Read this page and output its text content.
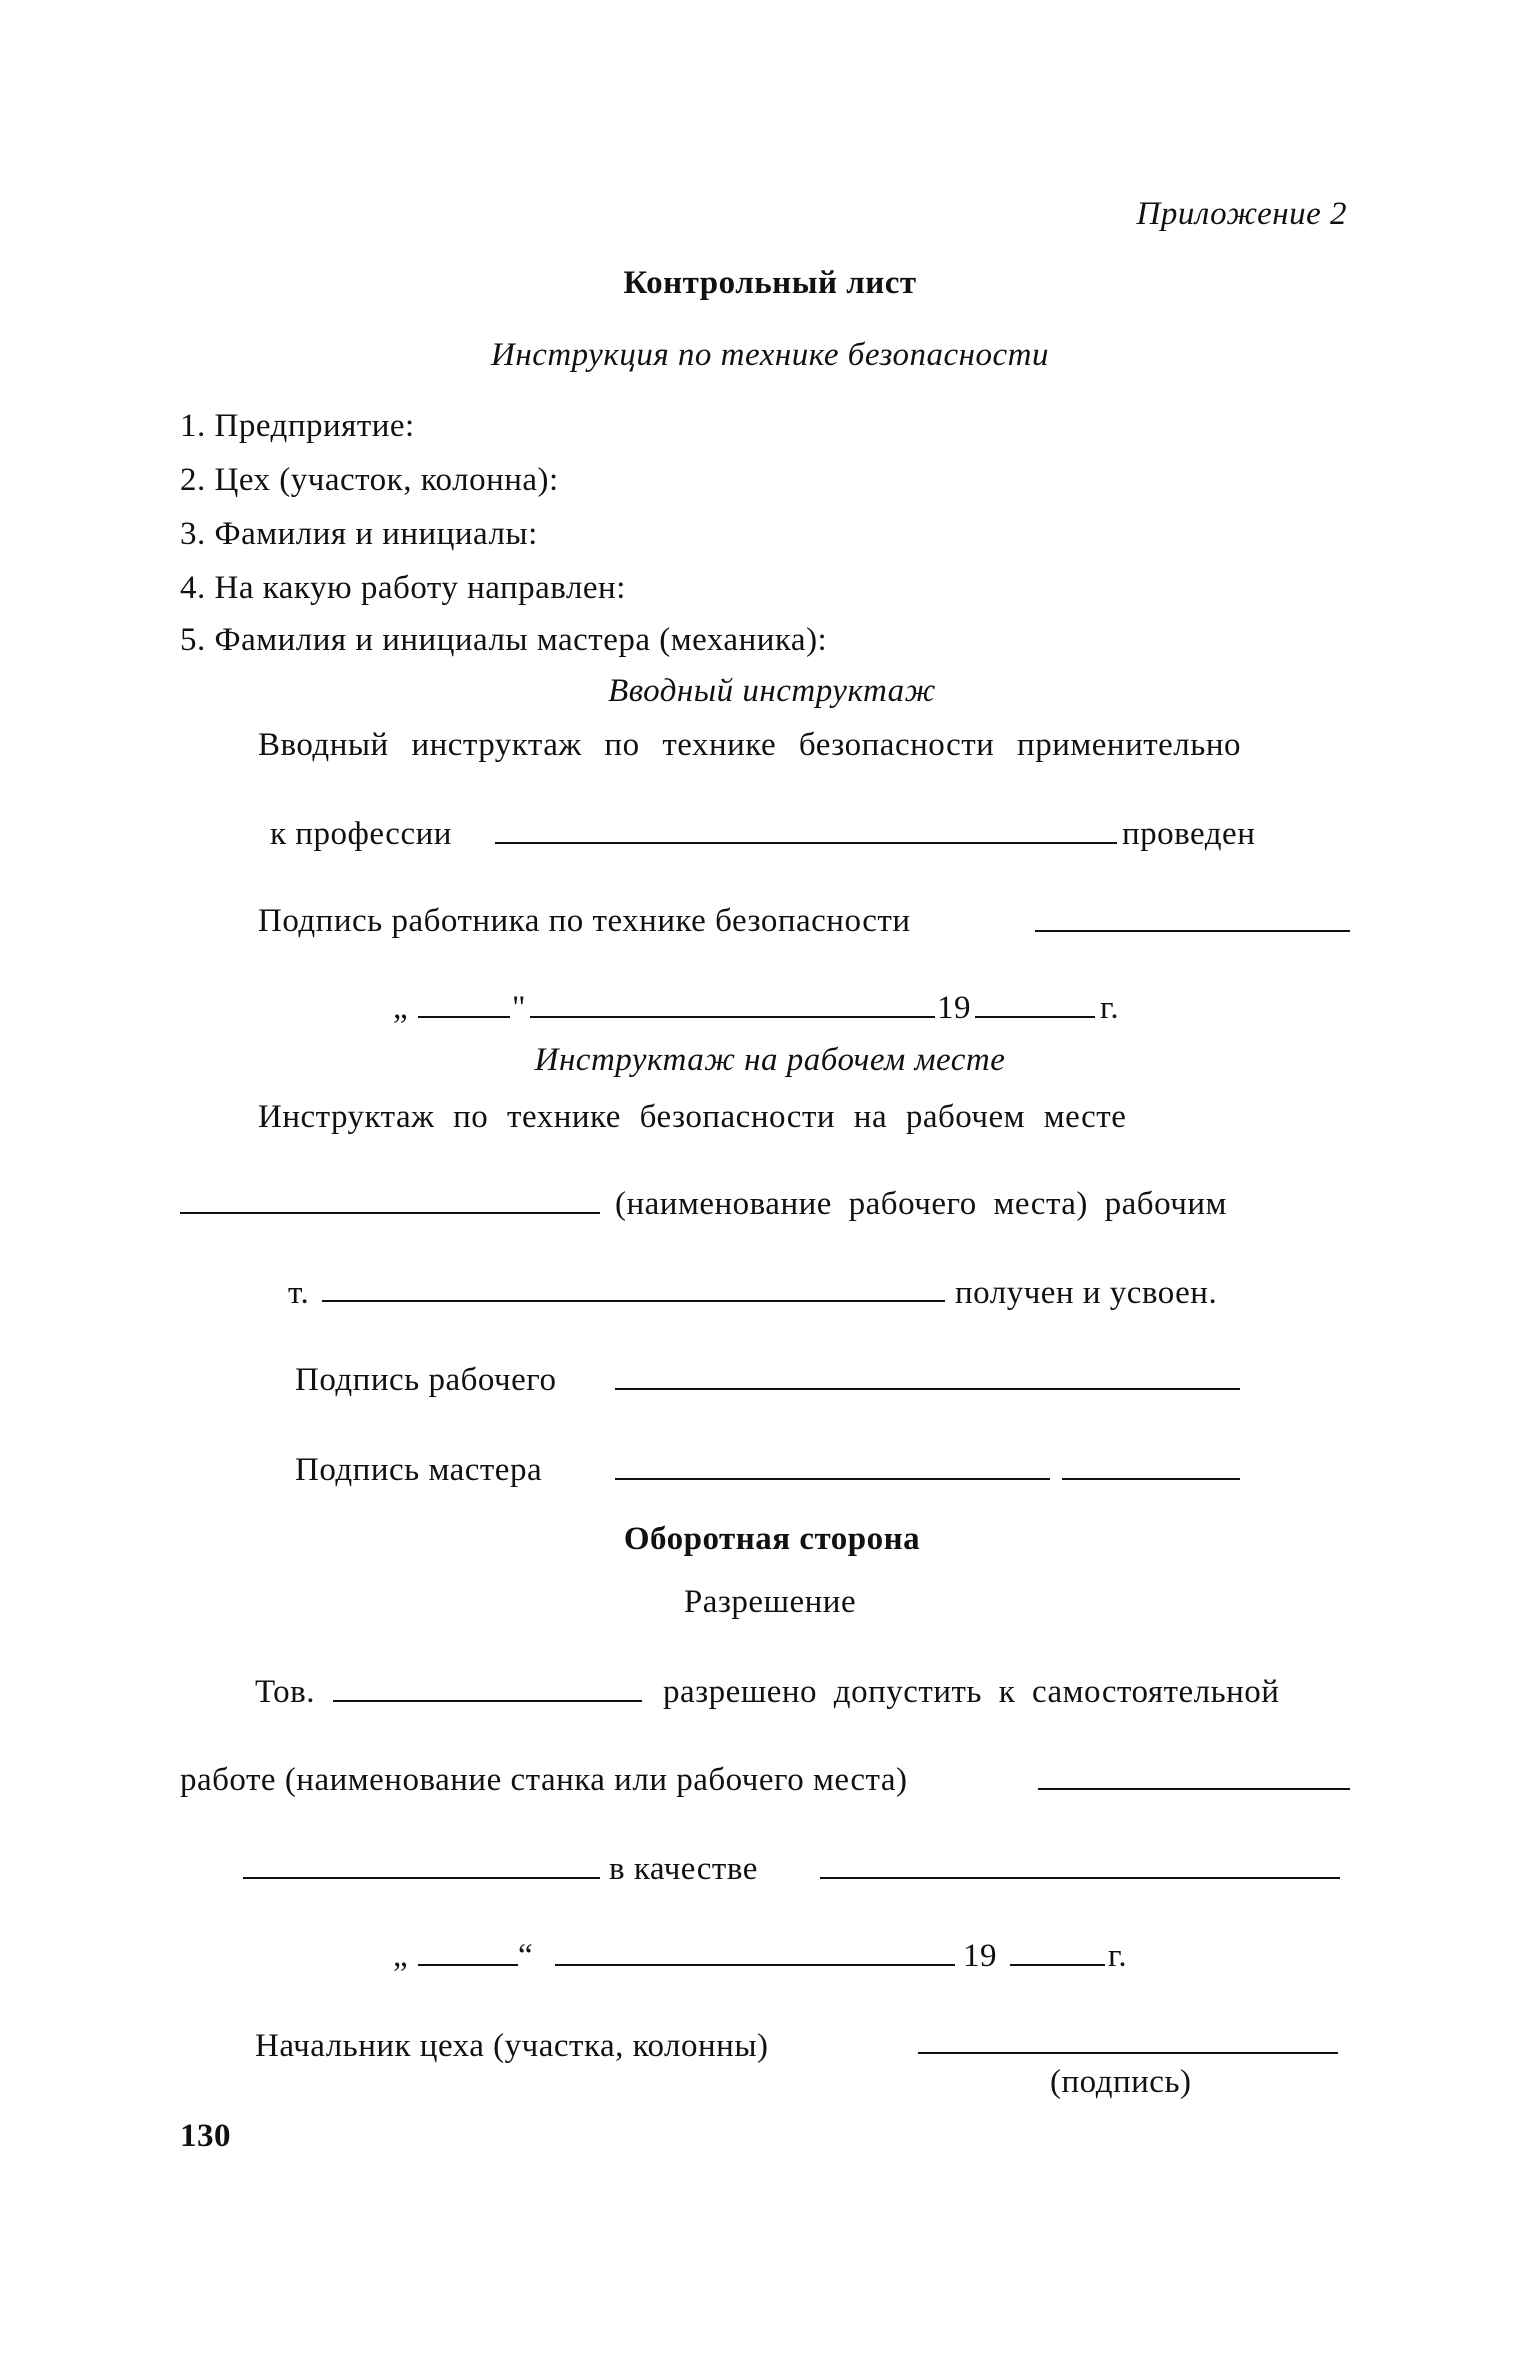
Приложение 2
Контрольный лист
Инструкция по технике безопасности
1. Предприятие:
2. Цех (участок, колонна):
3. Фамилия и инициалы:
4. На какую работу направлен:
5. Фамилия и инициалы мастера (механика):
Вводный инструктаж
Вводный инструктаж по технике безопасности применительно
к профессии	проведен
Подпись работника по технике безопасности
„	"	19	г.
Инструктаж на рабочем месте
Инструктаж по технике безопасности на рабочем месте
(наименование рабочего места) рабочим
т.	получен и усвоен.
Подпись рабочего
Подпись мастера
Оборотная сторона
Разрешение
Тов.	разрешено допустить к самостоятельной
работе (наименование станка или рабочего места)
в качестве
„	“	19	г.
Начальник цеха (участка, колонны)
(подпись)
130
